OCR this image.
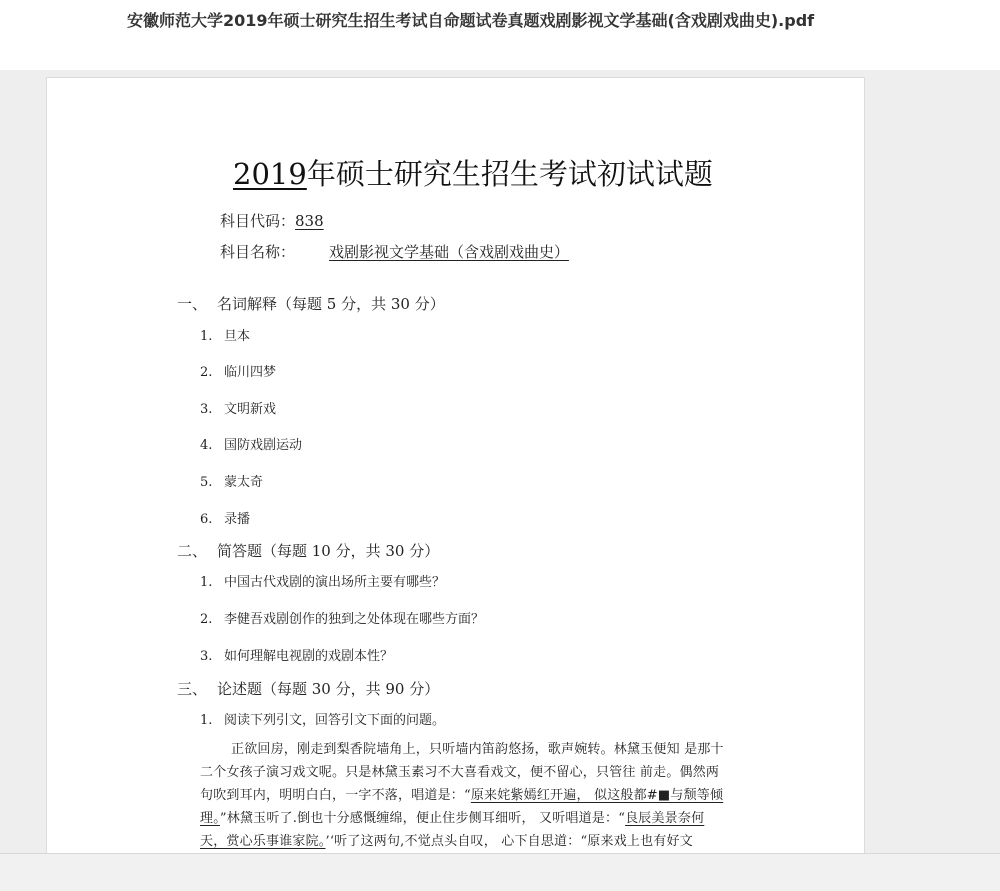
安徽师范大学2019年硕士研究生招生考试自命题试卷真题戏剧影视文学基础(含戏剧戏曲史).pdf
2019年硕士研究生招生考试初试试题
科目代码：838
科目名称： 戏剧影视文学基础（含戏剧戏曲史）
一、 名词解释（每题 5 分，共 30 分）
1. 旦本
2. 临川四梦
3. 文明新戏
4. 国防戏剧运动
5. 蒙太奇
6. 录播
二、 简答题（每题 10 分，共 30 分）
1. 中国古代戏剧的演出场所主要有哪些？
2. 李健吾戏剧创作的独到之处体现在哪些方面？
3. 如何理解电视剧的戏剧本性？
三、 论述题（每题 30 分，共 90 分）
1. 阅读下列引文，回答引文下面的问题。
正欲回房，刚走到梨香院墙角上，只听墙内笛韵悠扬，歌声婉转。林黛玉便知 是那十
二个女孩子演习戏文呢。只是林黛玉素习不大喜看戏文，便不留心，只管往 前走。偶然两
句吹到耳内，明明白白，一字不落，唱道是：“原来姹紫嫣红开遍， 似这般都#■与颓等倾
理。”林黛玉听了.倒也十分感慨缠绵，便止住步侧耳细听， 又听唱道是：“良辰美景奈何
天，赏心乐事谁家院。’‘听了这两句,不觉点头自叹， 心下自思道：“原来戏上也有好文
